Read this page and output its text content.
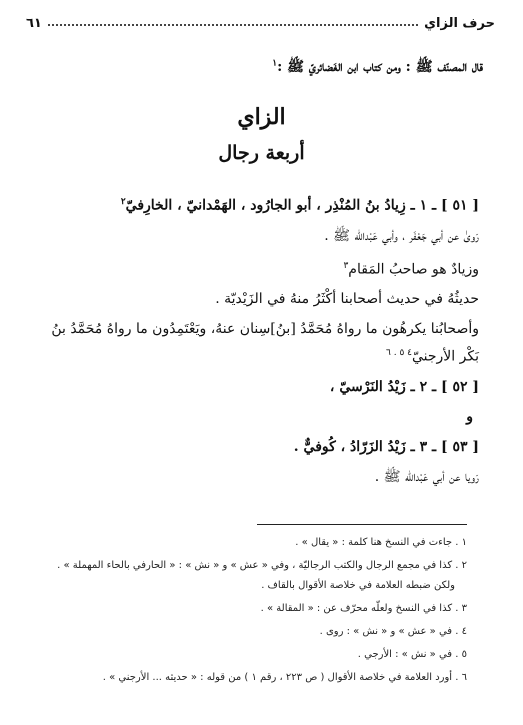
حرف الزاي
٦١
قال المصنّف ﷺ : ومن كتاب ابن الغَضائريّ ﷺ :$^١$
الزاي
أربعة رجال

[ ٥١ ] ـ ١ ـ زِيادُ بنُ المُنْذِر ، أبو الجارُود ، الهَمْدانيّ ، الخارِفيّ$^٢$

رَوىٰ عن أبي جَعْفَر ، وأبي عَبْدالله ﷺ .

وزيادٌ هو صاحبُ المَقام$^٣$

حديثُهُ في حديث أصحابنا أكْثَرُ منهُ في الزَيْديّة .

وأصحابُنا يكرهُون ما رواهُ مُحَمَّدُ [بنُ]سِنان عنهُ، ويَعْتَمِدُون ما رواهُ مُحَمَّدُ بنُ بَكْر الأرجنيّ$^{٤ ٥ . ٦}$

[ ٥٢ ] ـ ٢ ـ زَيْدُ النَرْسيّ ،

و

[ ٥٣ ] ـ ٣ ـ زَيْدُ الزَرّادُ ، كُوفيٌّ .

رَويا عن أبي عَبْدالله ﷺ .

١ . جاءت في النسخ هنا كلمة : « يقال » .

٢ . كذا في مجمع الرجال والكتب الرجاليّة ، وفي « عش » و « نش » : « الحارفي بالحاء المهملة » .

ولكن ضبطه العلامة في خلاصة الأقوال بالقاف .

٣ . كذا في النسخ ولعلّه محرّف عن : « المقالة » .

٤ . في « عش » و « نش » : روى .

٥ . في « نش » : الأرجي .

٦ . أورد العلامة في خلاصة الأقوال ( ص ٢٢٣ ، رقم ١ ) من قوله : « حديثه ... الأرجني » .
